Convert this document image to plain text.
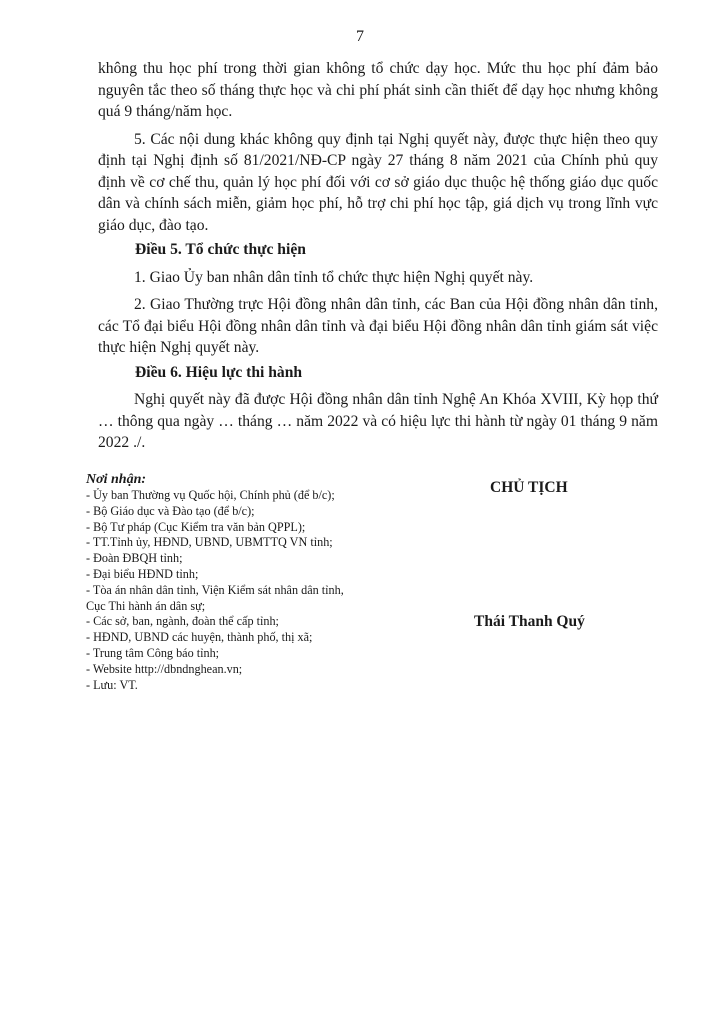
7

không thu học phí trong thời gian không tổ chức dạy học. Mức thu học phí đảm bảo nguyên tắc theo số tháng thực học và chi phí phát sinh cần thiết để dạy học nhưng không quá 9 tháng/năm học.

5. Các nội dung khác không quy định tại Nghị quyết này, được thực hiện theo quy định tại Nghị định số 81/2021/NĐ-CP ngày 27 tháng 8 năm 2021 của Chính phủ quy định về cơ chế thu, quản lý học phí đối với cơ sở giáo dục thuộc hệ thống giáo dục quốc dân và chính sách miễn, giảm học phí, hỗ trợ chi phí học tập, giá dịch vụ trong lĩnh vực giáo dục, đào tạo.

Điều 5. Tổ chức thực hiện

1. Giao Ủy ban nhân dân tỉnh tổ chức thực hiện Nghị quyết này.

2. Giao Thường trực Hội đồng nhân dân tỉnh, các Ban của Hội đồng nhân dân tỉnh, các Tổ đại biểu Hội đồng nhân dân tỉnh và đại biểu Hội đồng nhân dân tỉnh giám sát việc thực hiện Nghị quyết này.

Điều 6. Hiệu lực thi hành

Nghị quyết này đã được Hội đồng nhân dân tỉnh Nghệ An Khóa XVIII, Kỳ họp thứ … thông qua ngày … tháng … năm 2022 và có hiệu lực thi hành từ ngày 01 tháng 9 năm 2022 ./.

Nơi nhận:
- Ủy ban Thường vụ Quốc hội, Chính phủ (để b/c);
- Bộ Giáo dục và Đào tạo (để b/c);
- Bộ Tư pháp (Cục Kiểm tra văn bản QPPL);
- TT.Tỉnh ủy, HĐND, UBND, UBMTTQ VN tỉnh;
- Đoàn ĐBQH tỉnh;
- Đại biểu HĐND tỉnh;
- Tòa án nhân dân tỉnh, Viện Kiểm sát nhân dân tỉnh,
Cục Thi hành án dân sự;
- Các sở, ban, ngành, đoàn thể cấp tỉnh;
- HĐND, UBND các huyện, thành phố, thị xã;
- Trung tâm Công báo tỉnh;
- Website http://dbndnghean.vn;
- Lưu: VT.
CHỦ TỊCH
Thái Thanh Quý
